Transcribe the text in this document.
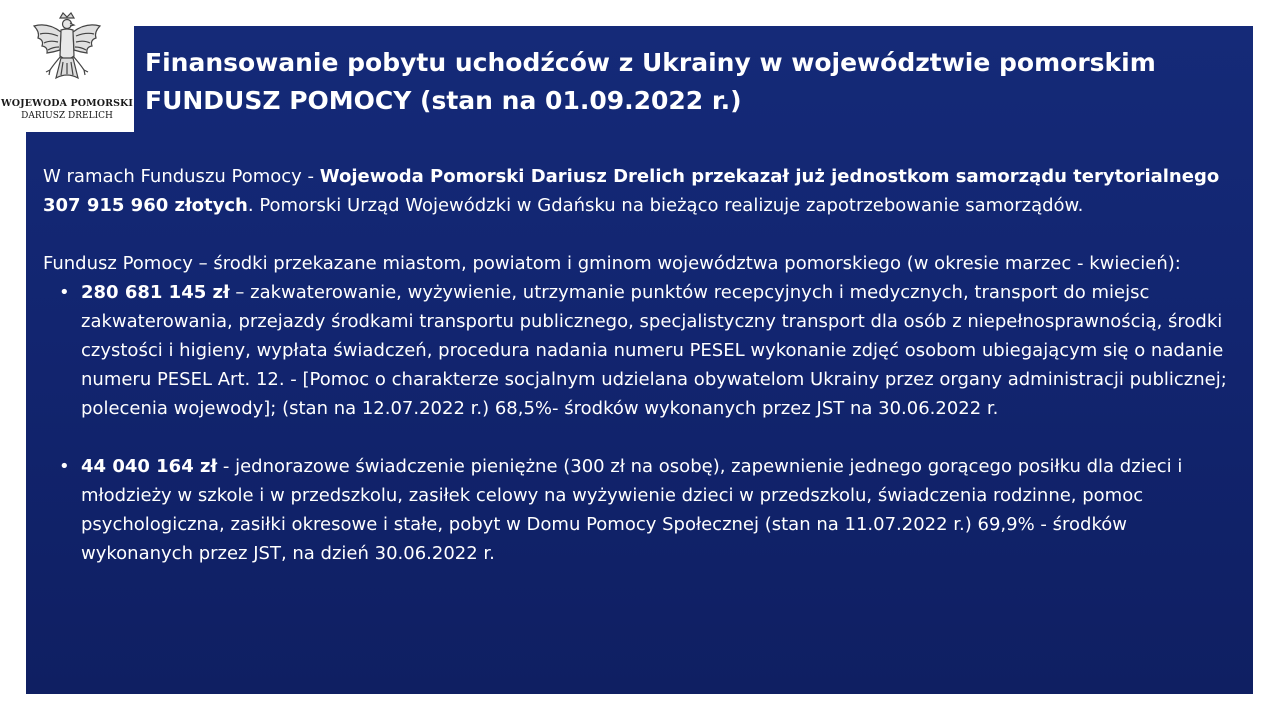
WOJEWODA POMORSKI
DARIUSZ DRELICH
Finansowanie pobytu uchodźców z Ukrainy w województwie pomorskim
FUNDUSZ POMOCY (stan na 01.09.2022 r.)

W ramach Funduszu Pomocy - Wojewoda Pomorski Dariusz Drelich przekazał już jednostkom samorządu terytorialnego 307 915 960 złotych. Pomorski Urząd Wojewódzki w Gdańsku na bieżąco realizuje zapotrzebowanie samorządów.

Fundusz Pomocy – środki przekazane miastom, powiatom i gminom województwa pomorskiego (w okresie marzec - kwiecień):

• 280 681 145 zł – zakwaterowanie, wyżywienie, utrzymanie punktów recepcyjnych i medycznych, transport do miejsc zakwaterowania, przejazdy środkami transportu publicznego, specjalistyczny transport dla osób z niepełnosprawnością, środki czystości i higieny, wypłata świadczeń, procedura nadania numeru PESEL wykonanie zdjęć osobom ubiegającym się o nadanie numeru PESEL Art. 12. - [Pomoc o charakterze socjalnym udzielana obywatelom Ukrainy przez organy administracji publicznej; polecenia wojewody]; (stan na 12.07.2022 r.) 68,5%- środków wykonanych przez JST na 30.06.2022 r.
• 44 040 164 zł - jednorazowe świadczenie pieniężne (300 zł na osobę), zapewnienie jednego gorącego posiłku dla dzieci i młodzieży w szkole i w przedszkolu, zasiłek celowy na wyżywienie dzieci w przedszkolu, świadczenia rodzinne, pomoc psychologiczna, zasiłki okresowe i stałe, pobyt w Domu Pomocy Społecznej (stan na 11.07.2022 r.) 69,9% - środków wykonanych przez JST, na dzień 30.06.2022 r.
